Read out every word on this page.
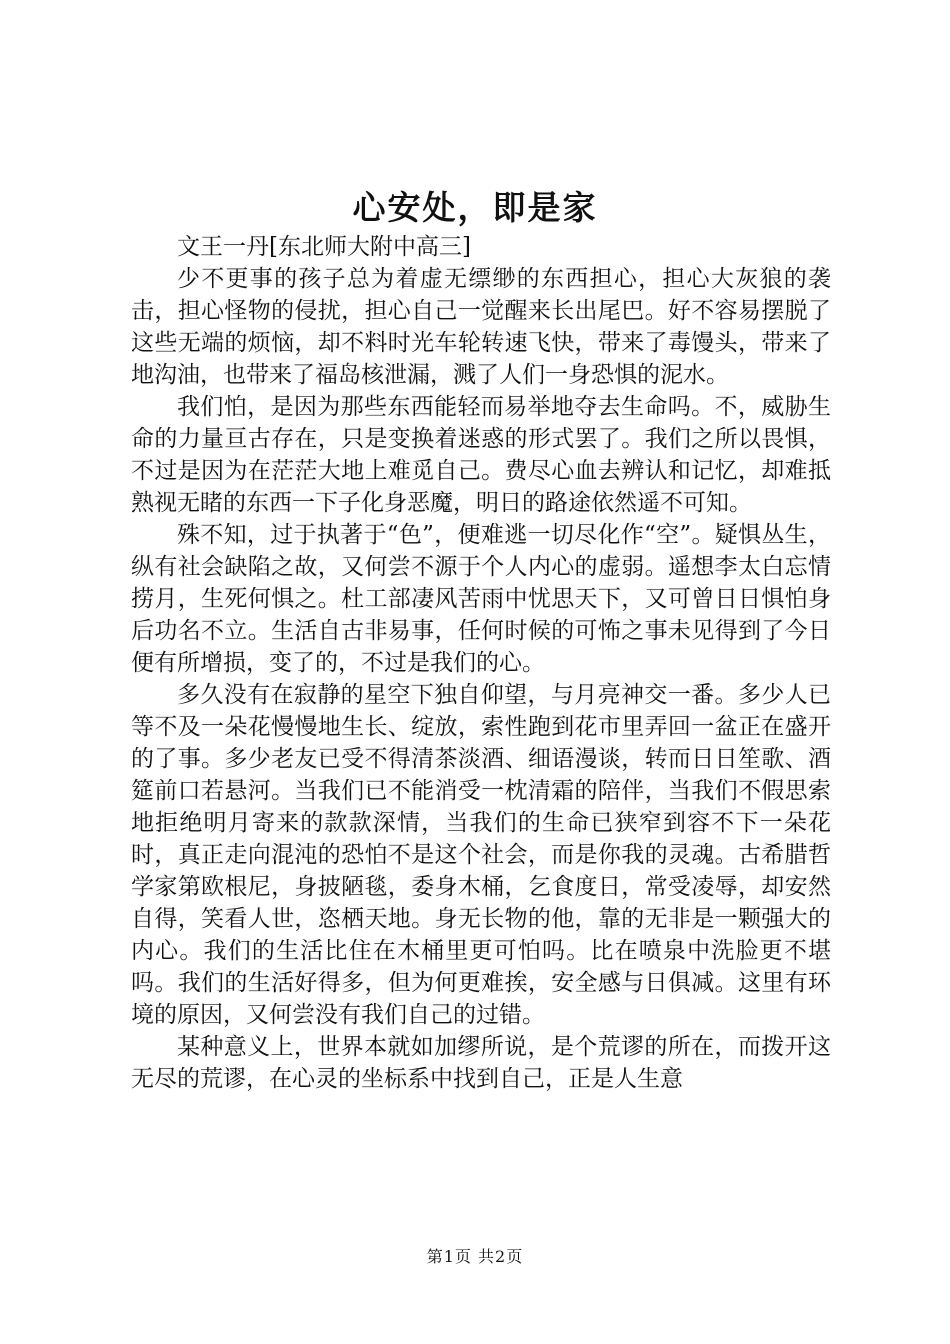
心安处，即是家

文王一丹[东北师大附中高三]

少不更事的孩子总为着虚无缥缈的东西担心，担心大灰狼的袭击，担心怪物的侵扰，担心自己一觉醒来长出尾巴。好不容易摆脱了这些无端的烦恼，却不料时光车轮转速飞快，带来了毒馒头，带来了地沟油，也带来了福岛核泄漏，溅了人们一身恐惧的泥水。

我们怕，是因为那些东西能轻而易举地夺去生命吗。不，威胁生命的力量亘古存在，只是变换着迷惑的形式罢了。我们之所以畏惧，不过是因为在茫茫大地上难觅自己。费尽心血去辨认和记忆，却难抵熟视无睹的东西一下子化身恶魔，明日的路途依然遥不可知。

殊不知，过于执著于“色”，便难逃一切尽化作“空”。疑惧丛生，纵有社会缺陷之故，又何尝不源于个人内心的虚弱。遥想李太白忘情捞月，生死何惧之。杜工部凄风苦雨中忧思天下，又可曾日日惧怕身后功名不立。生活自古非易事，任何时候的可怖之事未见得到了今日便有所增损，变了的，不过是我们的心。

多久没有在寂静的星空下独自仰望，与月亮神交一番。多少人已等不及一朵花慢慢地生长、绽放，索性跑到花市里弄回一盆正在盛开的了事。多少老友已受不得清茶淡酒、细语漫谈，转而日日笙歌、酒筵前口若悬河。当我们已不能消受一枕清霜的陪伴，当我们不假思索地拒绝明月寄来的款款深情，当我们的生命已狭窄到容不下一朵花时，真正走向混沌的恐怕不是这个社会，而是你我的灵魂。古希腊哲学家第欧根尼，身披陋毯，委身木桶，乞食度日，常受凌辱，却安然自得，笑看人世，恣栖天地。身无长物的他，靠的无非是一颗强大的内心。我们的生活比住在木桶里更可怕吗。比在喷泉中洗脸更不堪吗。我们的生活好得多，但为何更难挨，安全感与日俱减。这里有环境的原因，又何尝没有我们自己的过错。

某种意义上，世界本就如加缪所说，是个荒谬的所在，而拨开这无尽的荒谬，在心灵的坐标系中找到自己，正是人生意

第1页 共2页
